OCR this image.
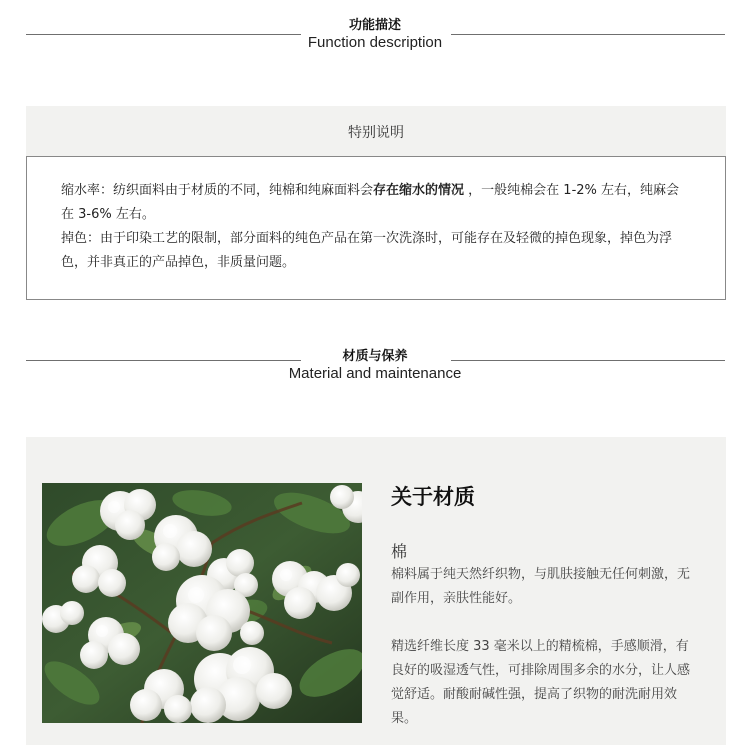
功能描述
Function description
特别说明

缩水率：纺织面料由于材质的不同，纯棉和纯麻面料会存在缩水的情况 ，一般纯棉会在 1-2% 左右，纯麻会在 3-6% 左右。

掉色：由于印染工艺的限制，部分面料的纯色产品在第一次洗涤时，可能存在及轻微的掉色现象，掉色为浮色，并非真正的产品掉色，非质量问题。

材质与保养
Material and maintenance
关于材质
棉

棉料属于纯天然纤织物，与肌肤接触无任何刺激，无副作用，亲肤性能好。

精选纤维长度 33 毫米以上的精梳棉，手感顺滑，有良好的吸湿透气性，可排除周围多余的水分，让人感觉舒适。耐酸耐碱性强，提高了织物的耐洗耐用效果。
